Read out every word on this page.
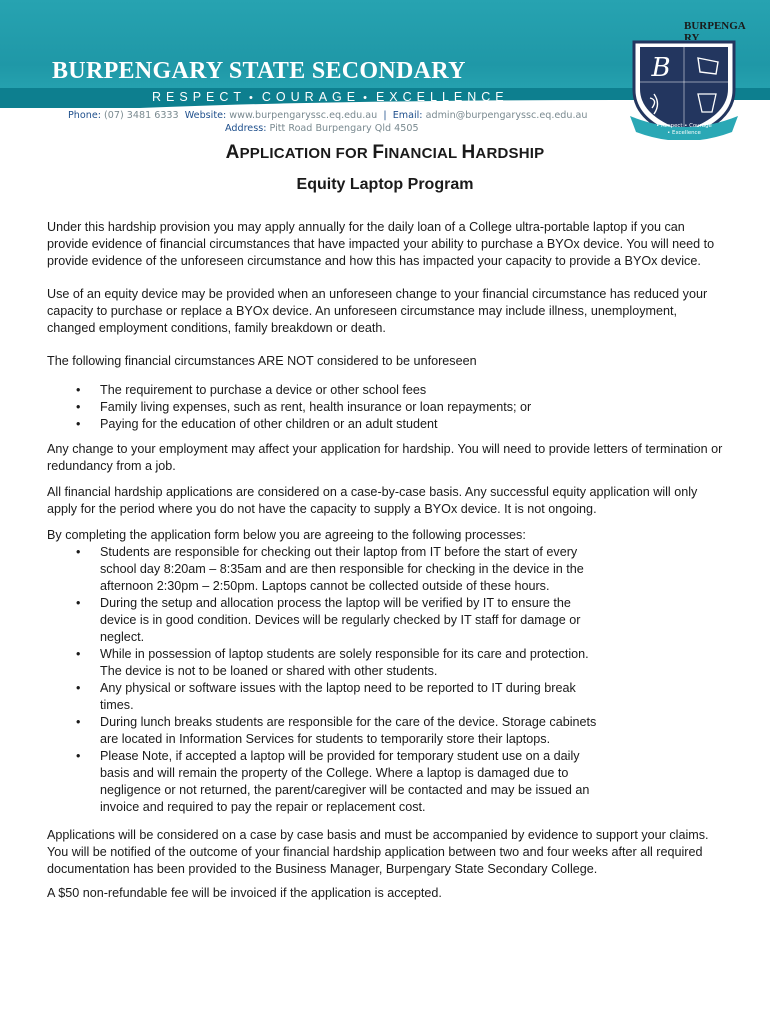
BURPENGARY STATE SECONDARY
RESPECT • COURAGE • EXCELLENCE
Phone: (07) 3481 6333 Website: www.burpengaryssc.eq.edu.au | Email: admin@burpengaryssc.eq.edu.au
Address: Pitt Road Burpengary Qld 4505
BURPENGARY
B
• Respect • Courage
• Excellence
APPLICATION FOR FINANCIAL HARDSHIP
Equity Laptop Program

Under this hardship provision you may apply annually for the daily loan of a College ultra-portable laptop if you can provide evidence of financial circumstances that have impacted your ability to purchase a BYOx device. You will need to provide evidence of the unforeseen circumstance and how this has impacted your capacity to provide a BYOx device.

Use of an equity device may be provided when an unforeseen change to your financial circumstance has reduced your capacity to purchase or replace a BYOx device. An unforeseen circumstance may include illness, unemployment, changed employment conditions, family breakdown or death.

The following financial circumstances ARE NOT considered to be unforeseen

• The requirement to purchase a device or other school fees
• Family living expenses, such as rent, health insurance or loan repayments; or
• Paying for the education of other children or an adult student

Any change to your employment may affect your application for hardship. You will need to provide letters of termination or redundancy from a job.

All financial hardship applications are considered on a case-by-case basis. Any successful equity application will only apply for the period where you do not have the capacity to supply a BYOx device. It is not ongoing.

By completing the application form below you are agreeing to the following processes:

• Students are responsible for checking out their laptop from IT before the start of every school day 8:20am – 8:35am and are then responsible for checking in the device in the afternoon 2:30pm – 2:50pm. Laptops cannot be collected outside of these hours.
• During the setup and allocation process the laptop will be verified by IT to ensure the device is in good condition. Devices will be regularly checked by IT staff for damage or neglect.
• While in possession of laptop students are solely responsible for its care and protection. The device is not to be loaned or shared with other students.
• Any physical or software issues with the laptop need to be reported to IT during break times.
• During lunch breaks students are responsible for the care of the device. Storage cabinets are located in Information Services for students to temporarily store their laptops.
• Please Note, if accepted a laptop will be provided for temporary student use on a daily basis and will remain the property of the College. Where a laptop is damaged due to negligence or not returned, the parent/caregiver will be contacted and may be issued an invoice and required to pay the repair or replacement cost.

Applications will be considered on a case by case basis and must be accompanied by evidence to support your claims. You will be notified of the outcome of your financial hardship application between two and four weeks after all required documentation has been provided to the Business Manager, Burpengary State Secondary College.

A $50 non-refundable fee will be invoiced if the application is accepted.
